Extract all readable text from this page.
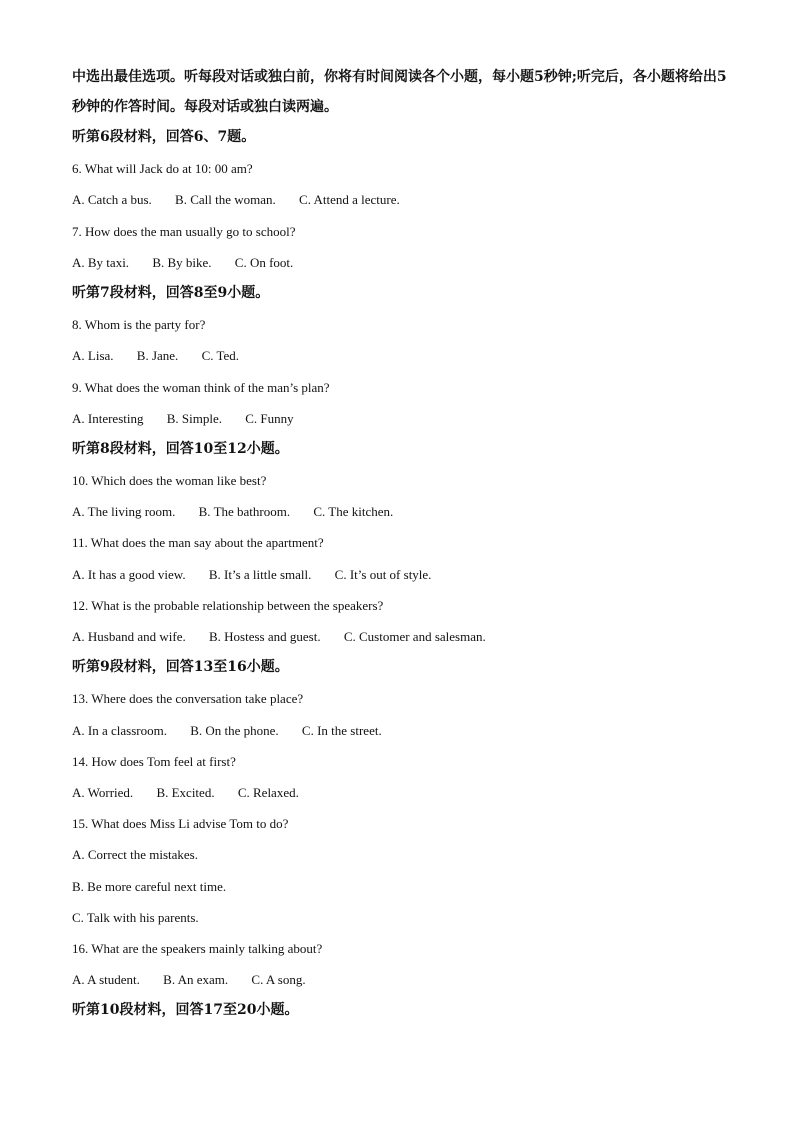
中选出最佳选项。听每段对话或独白前，你将有时间阅读各个小题，每小题5秒钟;听完后，各小题将给出5秒钟的作答时间。每段对话或独白读两遍。

听第6段材料，回答6、7题。

6. What will Jack do at 10: 00 am?

A. Catch a bus. B. Call the woman. C. Attend a lecture.

7. How does the man usually go to school?

A. By taxi. B. By bike. C. On foot.

听第7段材料，回答8至9小题。

8. Whom is the party for?

A. Lisa. B. Jane. C. Ted.

9. What does the woman think of the man’s plan?

A. Interesting B. Simple. C. Funny

听第8段材料，回答10至12小题。

10. Which does the woman like best?

A. The living room. B. The bathroom. C. The kitchen.

11. What does the man say about the apartment?

A. It has a good view. B. It’s a little small. C. It’s out of style.

12. What is the probable relationship between the speakers?

A. Husband and wife. B. Hostess and guest. C. Customer and salesman.

听第9段材料，回答13至16小题。

13. Where does the conversation take place?

A. In a classroom. B. On the phone. C. In the street.

14. How does Tom feel at first?

A. Worried. B. Excited. C. Relaxed.

15. What does Miss Li advise Tom to do?

A. Correct the mistakes.

B. Be more careful next time.

C. Talk with his parents.

16. What are the speakers mainly talking about?

A. A student. B. An exam. C. A song.

听第10段材料，回答17至20小题。
